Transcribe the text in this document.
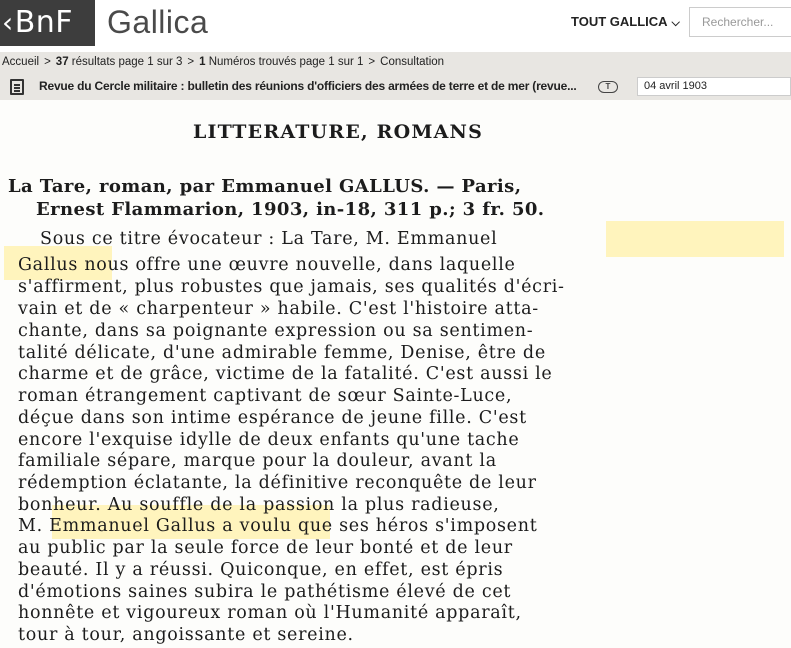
‹BnF	Gallica	TOUT GALLICA ⌵
Rechercher...
Accueil > 37 résultats page 1 sur 3 > 1 Numéros trouvés page 1 sur 1 > Consultation
Revue du Cercle militaire : bulletin des réunions d'officiers des armées de terre et de mer (revue...	T	04 avril 1903
LITTERATURE, ROMANS
La Tare, roman, par Emmanuel GALLUS. — Paris,
Ernest Flammarion, 1903, in-18, 311 p.; 3 fr. 50.
Sous ce titre évocateur : La Tare, M. Emmanuel
Gallus nous offre une œuvre nouvelle, dans laquelle
s'affirment, plus robustes que jamais, ses qualités d'écri-
vain et de « charpenteur » habile. C'est l'histoire atta-
chante, dans sa poignante expression ou sa sentimen-
talité délicate, d'une admirable femme, Denise, être de
charme et de grâce, victime de la fatalité. C'est aussi le
roman étrangement captivant de sœur Sainte-Luce,
déçue dans son intime espérance de jeune fille. C'est
encore l'exquise idylle de deux enfants qu'une tache
familiale sépare, marque pour la douleur, avant la
rédemption éclatante, la définitive reconquête de leur
bonheur. Au souffle de la passion la plus radieuse,
M. Emmanuel Gallus a voulu que ses héros s'imposent
au public par la seule force de leur bonté et de leur
beauté. Il y a réussi. Quiconque, en effet, est épris
d'émotions saines subira le pathétisme élevé de cet
honnête et vigoureux roman où l'Humanité apparaît,
tour à tour, angoissante et sereine.
